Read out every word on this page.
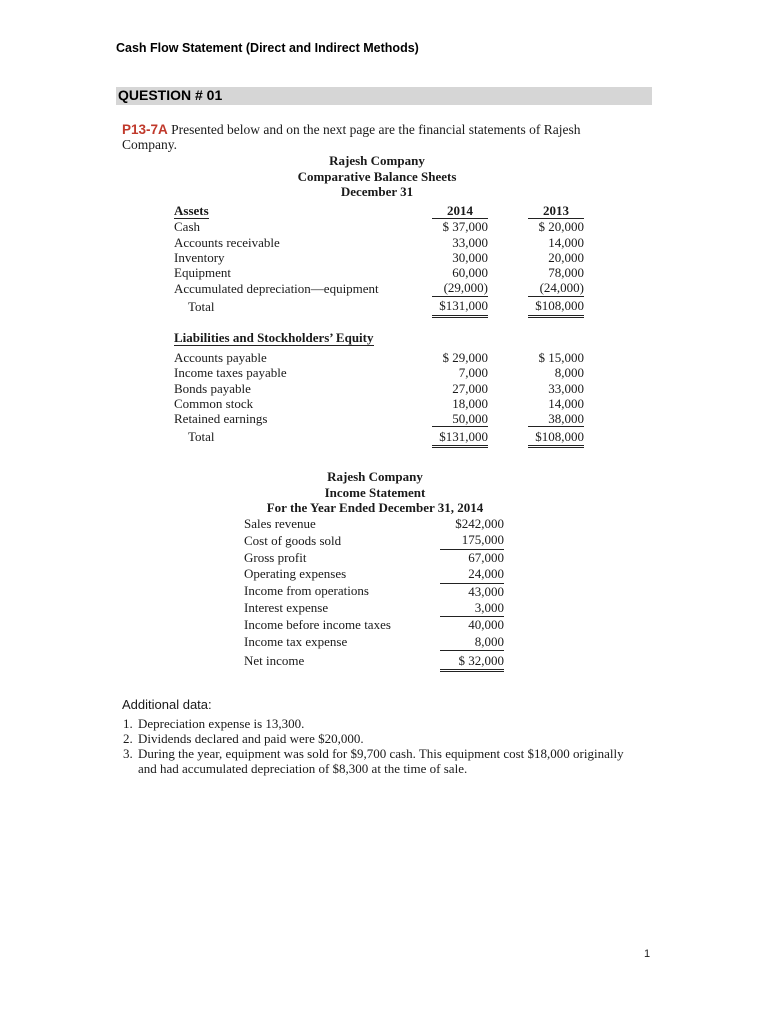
Cash Flow Statement (Direct and Indirect Methods)
QUESTION # 01
P13-7A Presented below and on the next page are the financial statements of Rajesh Company.
Rajesh Company
Comparative Balance Sheets
December 31
Assets	2014		2013
Cash	$ 37,000		$ 20,000
Accounts receivable	33,000		14,000
Inventory	30,000		20,000
Equipment	60,000		78,000
Accumulated depreciation—equipment	(29,000)		(24,000)
Total	$131,000		$108,000
Liabilities and Stockholders’ Equity			
Accounts payable	$ 29,000		$ 15,000
Income taxes payable	7,000		8,000
Bonds payable	27,000		33,000
Common stock	18,000		14,000
Retained earnings	50,000		38,000
Total	$131,000		$108,000
Rajesh Company
Income Statement
For the Year Ended December 31, 2014
Sales revenue	$242,000
Cost of goods sold	175,000
Gross profit	67,000
Operating expenses	24,000
Income from operations	43,000
Interest expense	3,000
Income before income taxes	40,000
Income tax expense	8,000
Net income	$ 32,000
Additional data:
1. Depreciation expense is 13,300.
2. Dividends declared and paid were $20,000.
3. During the year, equipment was sold for $9,700 cash. This equipment cost $18,000 originally and had accumulated depreciation of $8,300 at the time of sale.
1
